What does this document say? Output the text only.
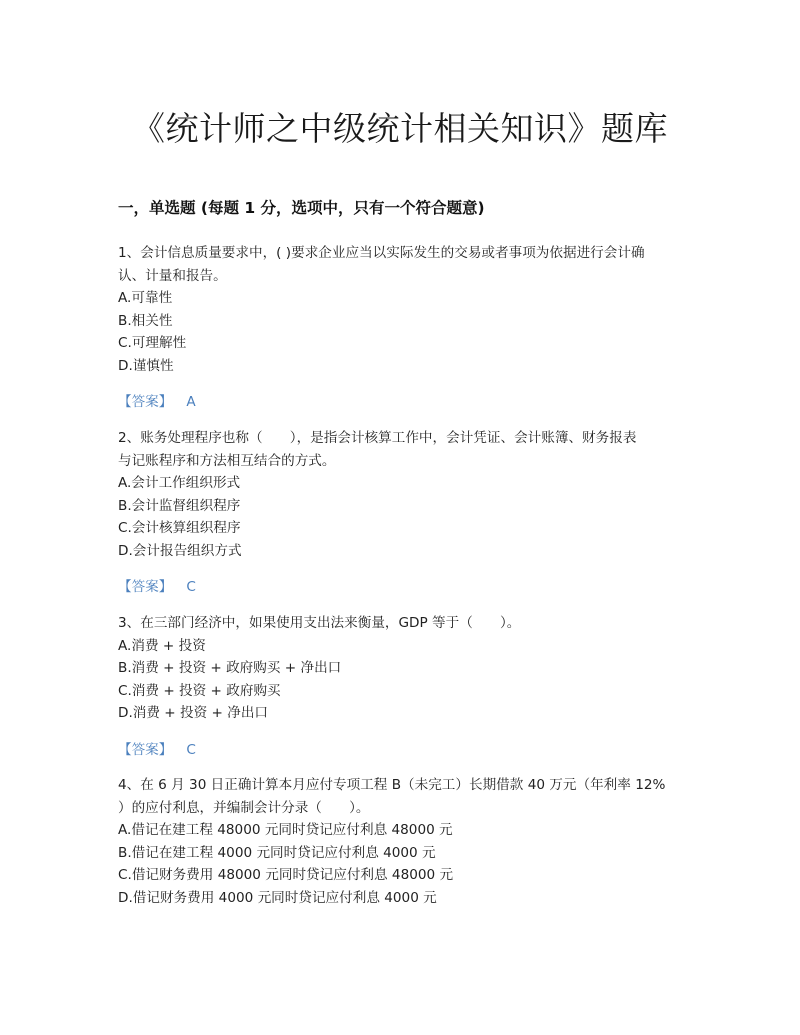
《统计师之中级统计相关知识》题库
一，单选题 (每题 1 分，选项中，只有一个符合题意)

1、会计信息质量要求中，( )要求企业应当以实际发生的交易或者事项为依据进行会计确

认、计量和报告。

A.可靠性

B.相关性

C.可理解性

D.谨慎性

【答案】 A

2、账务处理程序也称（　　），是指会计核算工作中，会计凭证、会计账簿、财务报表

与记账程序和方法相互结合的方式。

A.会计工作组织形式

B.会计监督组织程序

C.会计核算组织程序

D.会计报告组织方式

【答案】 C

3、在三部门经济中，如果使用支出法来衡量，GDP 等于（　　）。

A.消费 + 投资

B.消费 + 投资 + 政府购买 + 净出口

C.消费 + 投资 + 政府购买

D.消费 + 投资 + 净出口

【答案】 C

4、在 6 月 30 日正确计算本月应付专项工程 B（未完工）长期借款 40 万元（年利率 12%

）的应付利息，并编制会计分录（　　）。

A.借记在建工程 48000 元同时贷记应付利息 48000 元

B.借记在建工程 4000 元同时贷记应付利息 4000 元

C.借记财务费用 48000 元同时贷记应付利息 48000 元

D.借记财务费用 4000 元同时贷记应付利息 4000 元
